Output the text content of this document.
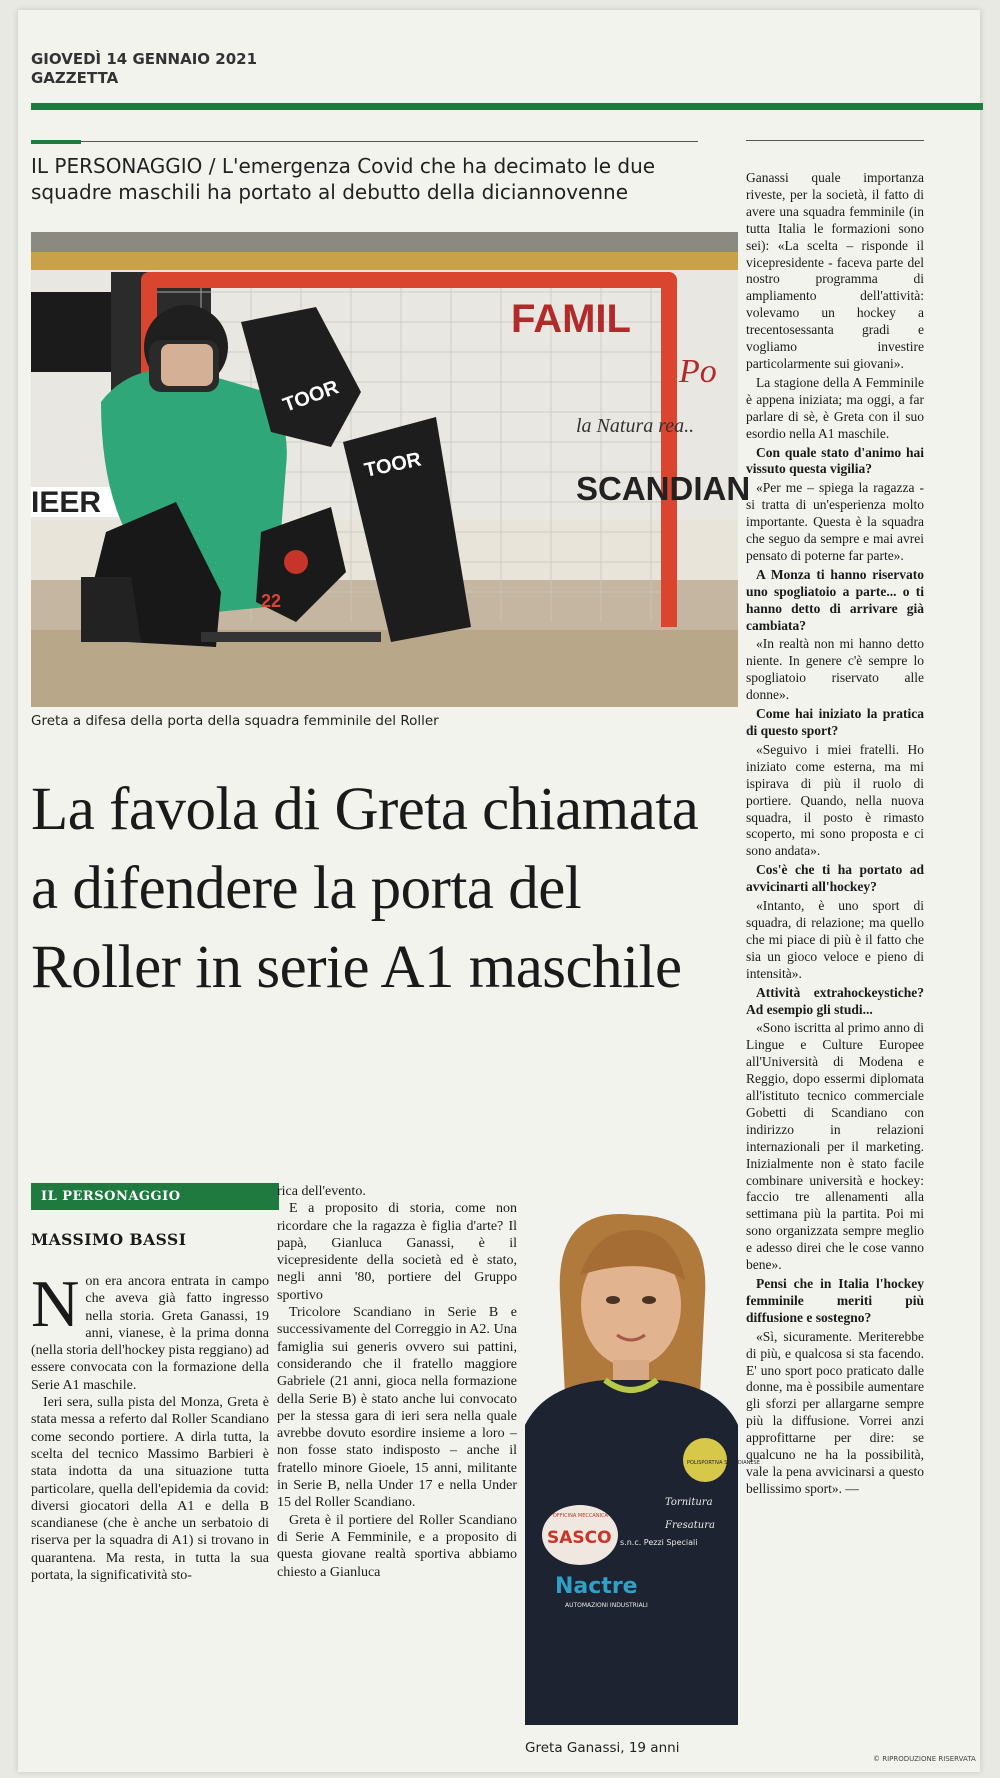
GIOVEDÌ 14 GENNAIO 2021
GAZZETTA
IL PERSONAGGIO / L'emergenza Covid che ha decimato le due squadre maschili ha portato al debutto della diciannovenne
FAMIL
Po
la Natura rea..
SCANDIAN
IEER
TOOR
TOOR
22
Greta a difesa della porta della squadra femminile del Roller
La favola di Greta chiamata a difendere la porta del Roller in serie A1 maschile
IL PERSONAGGIO
MASSIMO BASSI

Non era ancora entrata in campo che aveva già fatto ingresso nella storia. Greta Ganassi, 19 anni, vianese, è la prima donna (nella storia dell'hockey pista reggiano) ad essere convocata con la formazione della Serie A1 maschile.

Ieri sera, sulla pista del Monza, Greta è stata messa a referto dal Roller Scandiano come secondo portiere. A dirla tutta, la scelta del tecnico Massimo Barbieri è stata indotta da una situazione tutta particolare, quella dell'epidemia da covid: diversi giocatori della A1 e della B scandianese (che è anche un serbatoio di riserva per la squadra di A1) si trovano in quarantena. Ma resta, in tutta la sua portata, la significatività sto-

rica dell'evento.

E a proposito di storia, come non ricordare che la ragazza è figlia d'arte? Il papà, Gianluca Ganassi, è il vicepresidente della società ed è stato, negli anni '80, portiere del Gruppo sportivo

Tricolore Scandiano in Serie B e successivamente del Correggio in A2. Una famiglia sui generis ovvero sui pattini, considerando che il fratello maggiore Gabriele (21 anni, gioca nella formazione della Serie B) è stato anche lui convocato per la stessa gara di ieri sera nella quale avrebbe dovuto esordire insieme a loro – non fosse stato indisposto – anche il fratello minore Gioele, 15 anni, militante in Serie B, nella Under 17 e nella Under 15 del Roller Scandiano.

Greta è il portiere del Roller Scandiano di Serie A Femminile, e a proposito di questa giovane realtà sportiva abbiamo chiesto a Gianluca

POLISPORTIVA SCANDIANESE
OFFICINA MECCANICA
SASCO s.n.c. Pezzi Speciali
Tornitura
Fresatura
Nactre
AUTOMAZIONI INDUSTRIALI
Greta Ganassi, 19 anni

Ganassi quale importanza riveste, per la società, il fatto di avere una squadra femminile (in tutta Italia le formazioni sono sei): «La scelta – risponde il vicepresidente - faceva parte del nostro programma di ampliamento dell'attività: volevamo un hockey a trecentosessanta gradi e vogliamo investire particolarmente sui giovani».

La stagione della A Femminile è appena iniziata; ma oggi, a far parlare di sè, è Greta con il suo esordio nella A1 maschile.

Con quale stato d'animo hai vissuto questa vigilia?

«Per me – spiega la ragazza - si tratta di un'esperienza molto importante. Questa è la squadra che seguo da sempre e mai avrei pensato di poterne far parte».

A Monza ti hanno riservato uno spogliatoio a parte... o ti hanno detto di arrivare già cambiata?

«In realtà non mi hanno detto niente. In genere c'è sempre lo spogliatoio riservato alle donne».

Come hai iniziato la pratica di questo sport?

«Seguivo i miei fratelli. Ho iniziato come esterna, ma mi ispirava di più il ruolo di portiere. Quando, nella nuova squadra, il posto è rimasto scoperto, mi sono proposta e ci sono andata».

Cos'è che ti ha portato ad avvicinarti all'hockey?

«Intanto, è uno sport di squadra, di relazione; ma quello che mi piace di più è il fatto che sia un gioco veloce e pieno di intensità».

Attività extrahockeystiche? Ad esempio gli studi...

«Sono iscritta al primo anno di Lingue e Culture Europee all'Università di Modena e Reggio, dopo essermi diplomata all'istituto tecnico commerciale Gobetti di Scandiano con indirizzo in relazioni internazionali per il marketing. Inizialmente non è stato facile combinare università e hockey: faccio tre allenamenti alla settimana più la partita. Poi mi sono organizzata sempre meglio e adesso direi che le cose vanno bene».

Pensi che in Italia l'hockey femminile meriti più diffusione e sostegno?

«Sì, sicuramente. Meriterebbe di più, e qualcosa si sta facendo. E' uno sport poco praticato dalle donne, ma è possibile aumentare gli sforzi per allargarne sempre più la diffusione. Vorrei anzi approfittarne per dire: se qualcuno ne ha la possibilità, vale la pena avvicinarsi a questo bellissimo sport». —

© RIPRODUZIONE RISERVATA
